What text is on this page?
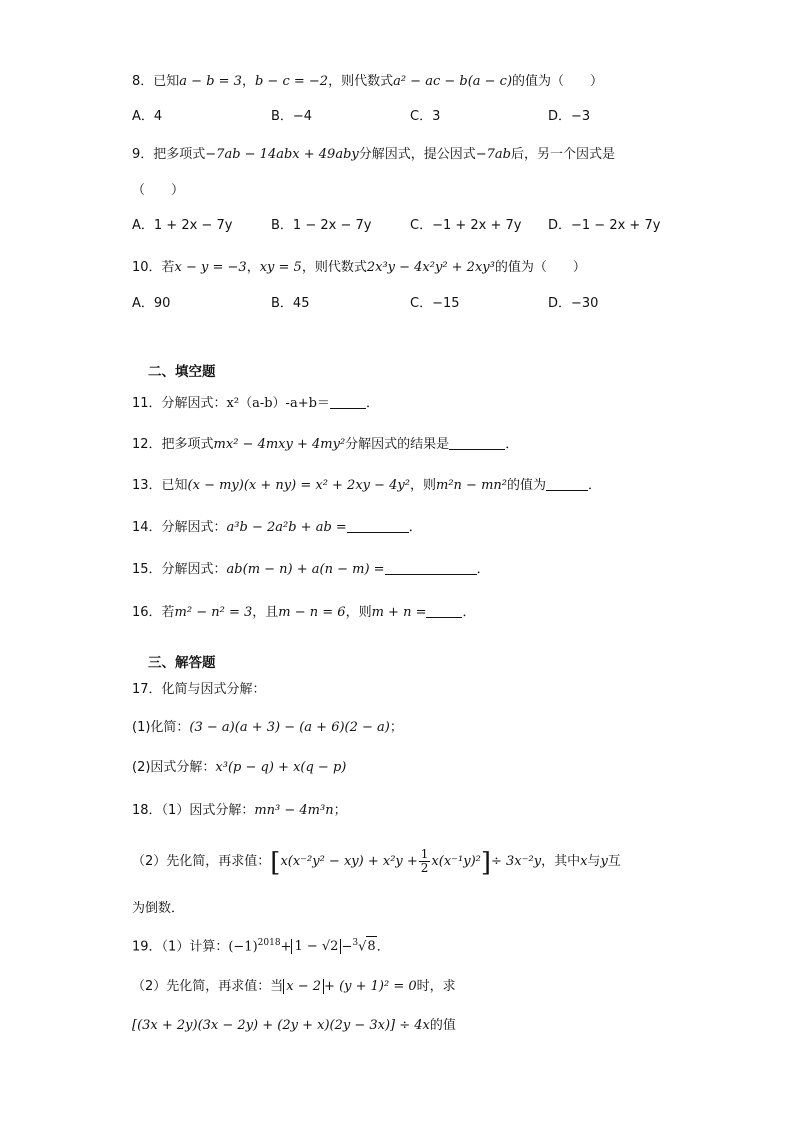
8．已知a − b = 3，b − c = −2，则代数式a² − ac − b(a − c)的值为（　　）
A．4	B．−4	C．3	D．−3
9．把多项式−7ab − 14abx + 49aby分解因式，提公因式−7ab后，另一个因式是
（　　）
A．1 + 2x − 7y	B．1 − 2x − 7y	C．−1 + 2x + 7y D．−1 − 2x + 7y
10．若x − y = −3，xy = 5，则代数式2x³y − 4x²y² + 2xy³的值为（　　）
A．90	B．45	C．−15	D．−30
二、填空题
11．分解因式：x²（a-b）-a+b＝	．
12．把多项式mx² − 4mxy + 4my²分解因式的结果是	．
13．已知(x − my)(x + ny) = x² + 2xy − 4y²，则m²n − mn²的值为	．
14．分解因式：a³b − 2a²b + ab =	．
15．分解因式：ab(m − n) + a(n − m) =	．
16．若m² − n² = 3，且m − n = 6，则m + n =	．
三、解答题
17．化简与因式分解：
(1)化简：(3 − a)(a + 3) − (a + 6)(2 − a)；
(2)因式分解：x³(p − q) + x(q − p)
18．（1）因式分解：mn³ − 4m³n；
（2）先化简，再求值：$[x(x^{-2}y^2 - xy) + x^2y + \frac{1}{2} x(x^{-1}y)^2]\div 3x^{-2}y$，其中x与y互
为倒数．
19．（1）计算：$(-1)^{2018}+ 1 - √2 -^3√8$．
（2）先化简，再求值：当 x − 2 + (y + 1)² = 0时，求
[(3x + 2y)(3x − 2y) + (2y + x)(2y − 3x)] ÷ 4x的值
